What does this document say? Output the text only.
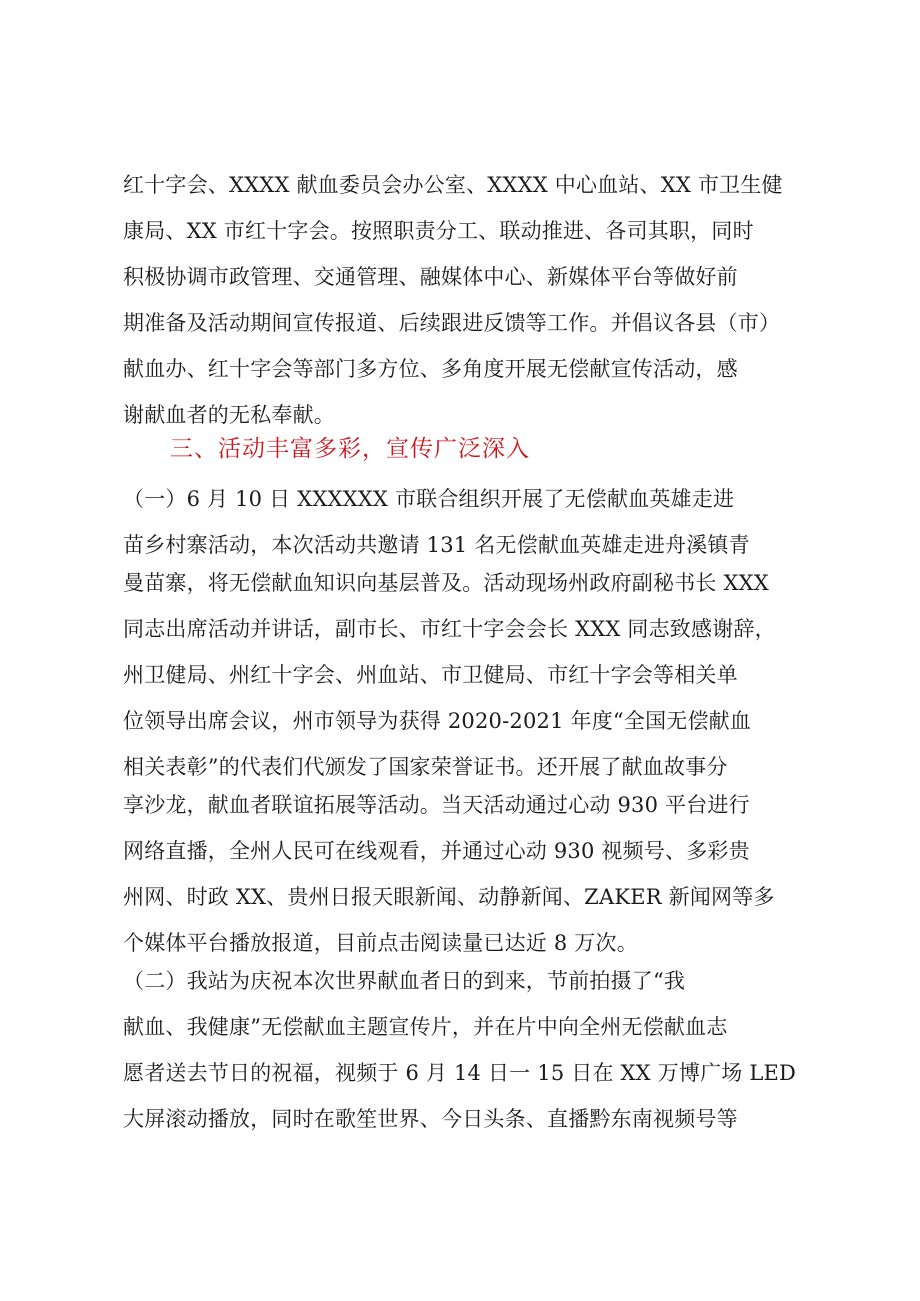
红十字会、XXXX 献血委员会办公室、XXXX 中心血站、XX 市卫生健
康局、XX 市红十字会。按照职责分工、联动推进、各司其职，同时
积极协调市政管理、交通管理、融媒体中心、新媒体平台等做好前
期准备及活动期间宣传报道、后续跟进反馈等工作。并倡议各县（市）
献血办、红十字会等部门多方位、多角度开展无偿献宣传活动，感
谢献血者的无私奉献。
三、活动丰富多彩，宣传广泛深入
（一）6 月 10 日 XXXXXX 市联合组织开展了无偿献血英雄走进
苗乡村寨活动，本次活动共邀请 131 名无偿献血英雄走进舟溪镇青
曼苗寨，将无偿献血知识向基层普及。活动现场州政府副秘书长 XXX
同志出席活动并讲话，副市长、市红十字会会长 XXX 同志致感谢辞，
州卫健局、州红十字会、州血站、市卫健局、市红十字会等相关单
位领导出席会议，州市领导为获得 2020-2021 年度“全国无偿献血
相关表彰”的代表们代颁发了国家荣誉证书。还开展了献血故事分
享沙龙，献血者联谊拓展等活动。当天活动通过心动 930 平台进行
网络直播，全州人民可在线观看，并通过心动 930 视频号、多彩贵
州网、时政 XX、贵州日报天眼新闻、动静新闻、ZAKER 新闻网等多
个媒体平台播放报道，目前点击阅读量已达近 8 万次。
（二）我站为庆祝本次世界献血者日的到来，节前拍摄了“我
献血、我健康”无偿献血主题宣传片，并在片中向全州无偿献血志
愿者送去节日的祝福，视频于 6 月 14 日一 15 日在 XX 万博广场 LED
大屏滚动播放，同时在歌笙世界、今日头条、直播黔东南视频号等
